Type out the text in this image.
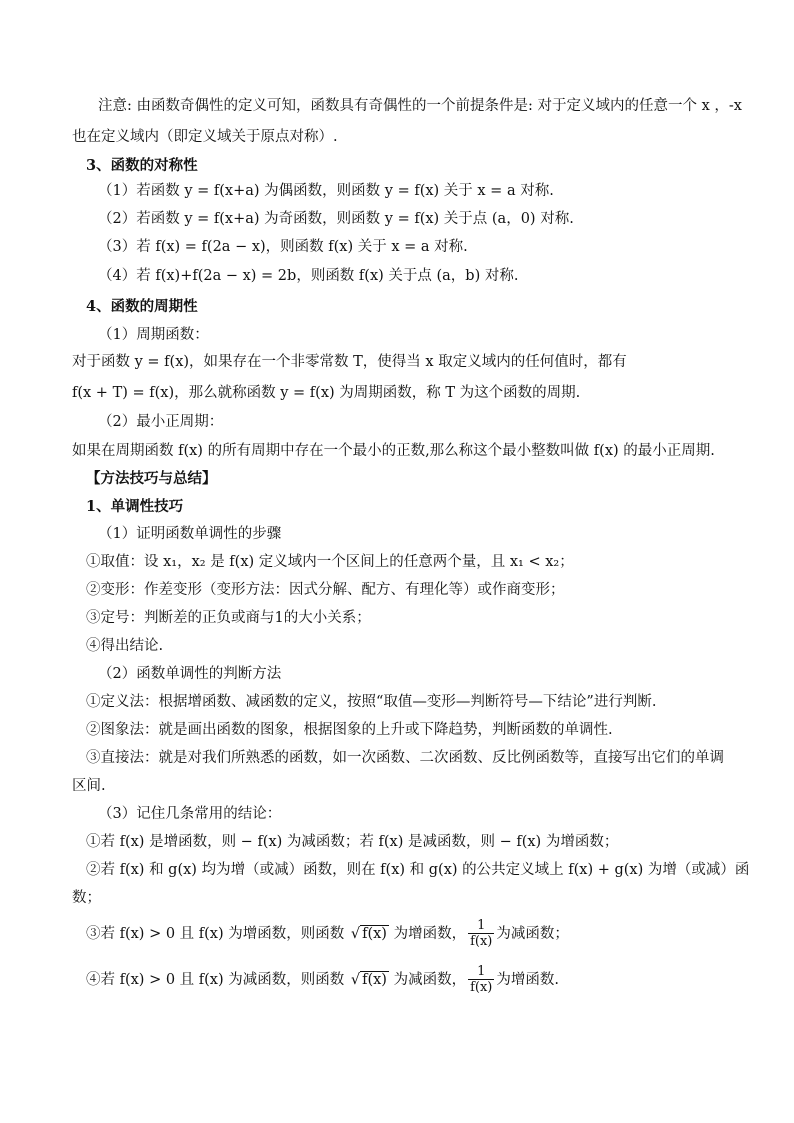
注意: 由函数奇偶性的定义可知，函数具有奇偶性的一个前提条件是: 对于定义域内的任意一个 x ，-x
也在定义域内（即定义域关于原点对称）.
3、函数的对称性
（1）若函数 y = f(x+a) 为偶函数，则函数 y = f(x) 关于 x = a 对称.
（2）若函数 y = f(x+a) 为奇函数，则函数 y = f(x) 关于点 (a，0) 对称.
（3）若 f(x) = f(2a − x)，则函数 f(x) 关于 x = a 对称.
（4）若 f(x)+f(2a − x) = 2b，则函数 f(x) 关于点 (a，b) 对称.
4、函数的周期性
（1）周期函数：
对于函数 y = f(x)，如果存在一个非零常数 T，使得当 x 取定义域内的任何值时，都有
f(x + T) = f(x)，那么就称函数 y = f(x) 为周期函数，称 T 为这个函数的周期.
（2）最小正周期：
如果在周期函数 f(x) 的所有周期中存在一个最小的正数,那么称这个最小整数叫做 f(x) 的最小正周期.
【方法技巧与总结】
1、单调性技巧
（1）证明函数单调性的步骤
①取值：设 x₁，x₂ 是 f(x) 定义域内一个区间上的任意两个量，且 x₁ < x₂；
②变形：作差变形（变形方法：因式分解、配方、有理化等）或作商变形；
③定号：判断差的正负或商与1的大小关系；
④得出结论.
（2）函数单调性的判断方法
①定义法：根据增函数、减函数的定义，按照“取值—变形—判断符号—下结论”进行判断.
②图象法：就是画出函数的图象，根据图象的上升或下降趋势，判断函数的单调性.
③直接法：就是对我们所熟悉的函数，如一次函数、二次函数、反比例函数等，直接写出它们的单调
区间.
（3）记住几条常用的结论：
①若 f(x) 是增函数，则 − f(x) 为减函数；若 f(x) 是减函数，则 − f(x) 为增函数；
②若 f(x) 和 g(x) 均为增（或减）函数，则在 f(x) 和 g(x) 的公共定义域上 f(x) + g(x) 为增（或减）函
数；
③若 f(x) > 0 且 f(x) 为增函数，则函数 √ f(x) 为增函数， $\frac{1}{f(x)}$ 为减函数；
④若 f(x) > 0 且 f(x) 为减函数，则函数 √ f(x) 为减函数， $\frac{1}{f(x)}$ 为增函数.
